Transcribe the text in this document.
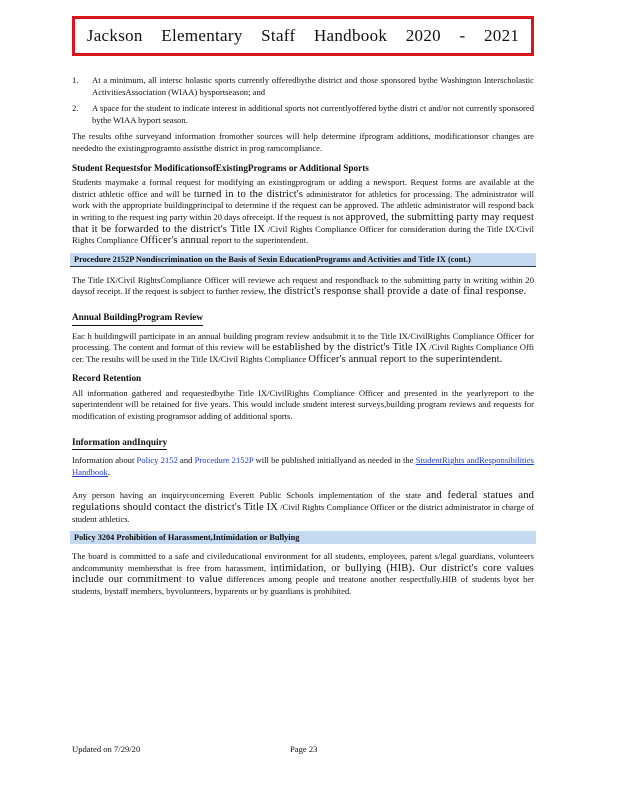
Jackson Elementary Staff Handbook 2020 - 2021
1. At a minimum, all intersc holastic sports currently offeredbythe district and those sponsored bythe Washington Interscholastic ActivitiesAssociation (WIAA) bysportseason; and
2. A space for the student to indicate interest in additional sports not currentlyoffered bythe distri ct and/or not currently sponsored bythe WIAA byport season.

The results ofthe surveyand information fromother sources will help determine ifprogram additions, modificationsor changes are neededto the existingprogramto assistthe district in prog ramcompliance.

Student Requestsfor ModificationsofExistingPrograms or Additional Sports

Students maymake a formal request for modifying an existingprogram or adding a newsport. Request forms are available at the district athletic office and will be turned in to the district's administrator for athletics for processing. The administrator will work with the appropriate buildingprincipal to determine if the request can be approved. The athletic administrator will respond back in writing to the request ing party within 20 days ofreceipt. If the request is not approved, the submitting party may request that it be forwarded to the district's Title IX /Civil Rights Compliance Officer for consideration during the Title IX/Civil Rights Compliance Officer's annual report to the superintendent.

Procedure 2152P Nondiscrimination on the Basis of Sexin EducationPrograms and Activities and Title IX (cont.)

The Title IX/Civil RightsCompliance Officer will reviewe ach request and respondback to the submitting party in writing within 20 daysof receipt. If the request is subject to further review, the district's response shall provide a date of final response.

Annual BuildingProgram Review

Eac h buildingwill participate in an annual building program review andsubmit it to the Title IX/CivilRights Compliance Officer for processing. The content and format of this review will be established by the district's Title IX /Civil Rights Compliance Offi cer. The results will be used in the Title IX/Civil Rights Compliance Officer's annual report to the superintendent.

Record Retention

All information gathered and requestedbythe Title IX/CivilRights Compliance Officer and presented in the yearlyreport to the superintendent will be retained for five years. This would include student interest surveys,building program reviews and requests for modification of existing programsor adding of additional sports.

Information andInquiry

Information about Policy 2152 and Procedure 2152P will be published initiallyand as needed in the StudentRights andResponsibilities Handbook.

Any person having an inquiryconcerning Everett Public Schools implementation of the state and federal statues and regulations should contact the district's Title IX /Civil Rights Compliance Officer or the district administrator in charge of student athletics.

Policy 3204 Prohibition of Harassment,Intimidation or Bullying

The board is committed to a safe and civileducational environment for all students, employees, parent s/legal guardians, volunteers andcommunity membersthat is free from harassment, intimidation, or bullying (HIB). Our district's core values include our commitment to value differences among people and treatone another respectfully.HIB of students byot her students, bystaff members, byvolunteers, byparents or by guardians is prohibited.

Updated on 7/29/20	Page 23
